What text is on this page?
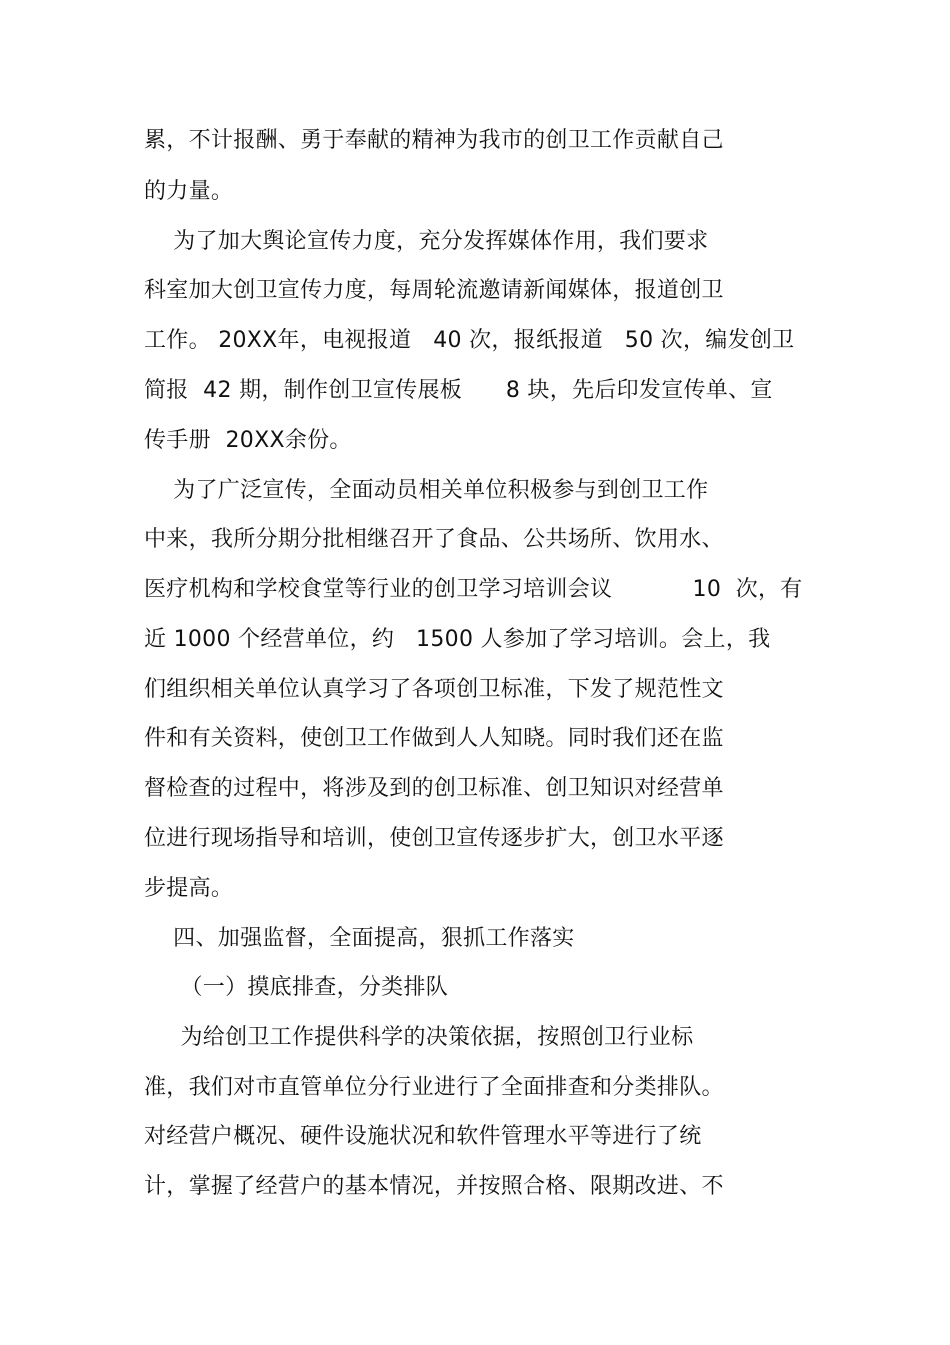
累，不计报酬、勇于奉献的精神为我市的创卫工作贡献自己
的力量。
为了加大舆论宣传力度，充分发挥媒体作用，我们要求
科室加大创卫宣传力度，每周轮流邀请新闻媒体，报道创卫
工作。 20XX年，电视报道   40 次，报纸报道   50 次，编发创卫
简报  42 期，制作创卫宣传展板      8 块，先后印发宣传单、宣
传手册  20XX余份。
为了广泛宣传，全面动员相关单位积极参与到创卫工作
中来，我所分期分批相继召开了食品、公共场所、饮用水、
医疗机构和学校食堂等行业的创卫学习培训会议           10  次，有
近 1000 个经营单位，约   1500 人参加了学习培训。会上，我
们组织相关单位认真学习了各项创卫标准，下发了规范性文
件和有关资料，使创卫工作做到人人知晓。同时我们还在监
督检查的过程中，将涉及到的创卫标准、创卫知识对经营单
位进行现场指导和培训，使创卫宣传逐步扩大，创卫水平逐
步提高。
四、加强监督，全面提高，狠抓工作落实
（一）摸底排查，分类排队
为给创卫工作提供科学的决策依据，按照创卫行业标
准，我们对市直管单位分行业进行了全面排查和分类排队。
对经营户概况、硬件设施状况和软件管理水平等进行了统
计，掌握了经营户的基本情况，并按照合格、限期改进、不
